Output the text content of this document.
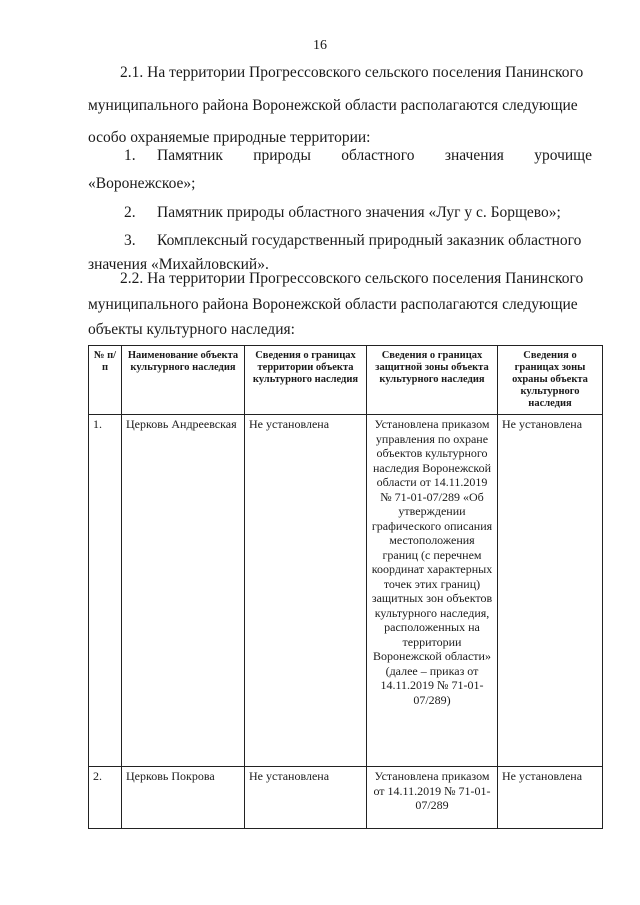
16
2.1. На территории Прогрессовского сельского поселения Панинского
муниципального района Воронежской области располагаются следующие
особо охраняемые природные территории:
1. Памятник природы областного значения урочище
«Воронежское»;
2. Памятник природы областного значения «Луг у с. Борщево»;
3. Комплексный государственный природный заказник областного
значения «Михайловский».
2.2. На территории Прогрессовского сельского поселения Панинского
муниципального района Воронежской области располагаются следующие
объекты культурного наследия:
№ п/п	Наименование объекта культурного наследия	Сведения о границах территории объекта культурного наследия	Сведения о границах защитной зоны объекта культурного наследия	Сведения о границах зоны охраны объекта культурного наследия
1.	Церковь Андреевская	Не установлена	Установлена приказом управления по охране объектов культурного наследия Воронежской области от 14.11.2019 № 71-01-07/289 «Об утверждении графического описания местоположения границ (с перечнем координат характерных точек этих границ) защитных зон объектов культурного наследия, расположенных на территории Воронежской области» (далее – приказ от 14.11.2019 № 71-01-07/289)	Не установлена
2.	Церковь Покрова	Не установлена	Установлена приказом от 14.11.2019 № 71-01-07/289	Не установлена
